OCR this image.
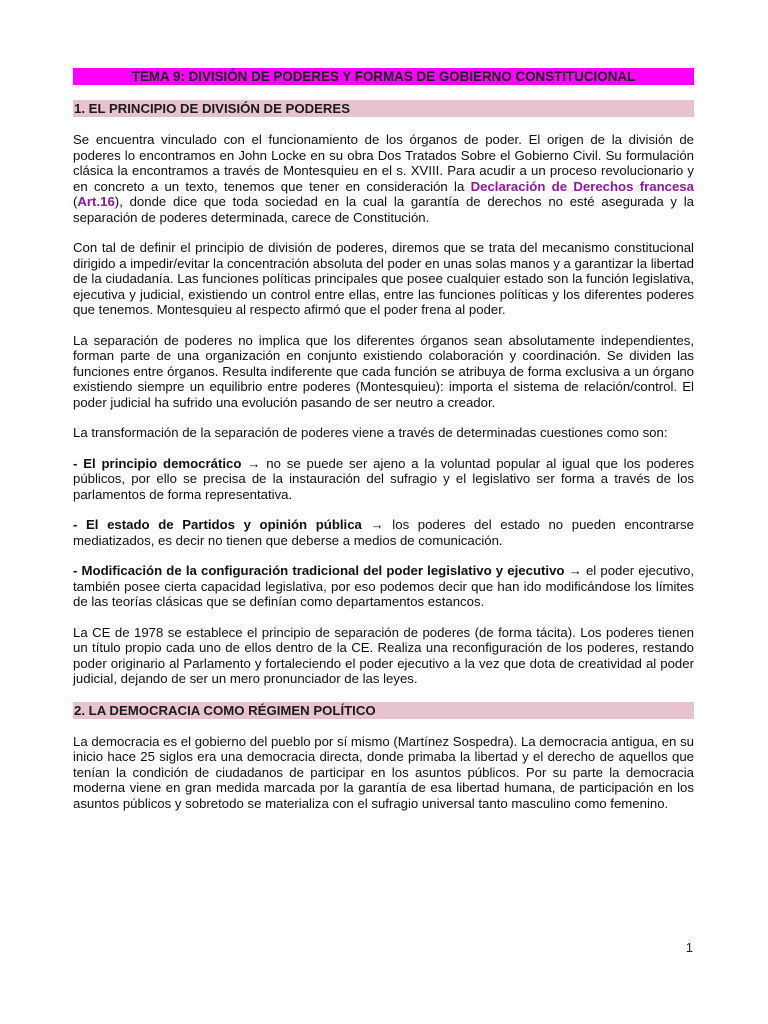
TEMA 9: DIVISIÓN DE PODERES Y FORMAS DE GOBIERNO CONSTITUCIONAL
1. EL PRINCIPIO DE DIVISIÓN DE PODERES

Se encuentra vinculado con el funcionamiento de los órganos de poder. El origen de la división de poderes lo encontramos en John Locke en su obra Dos Tratados Sobre el Gobierno Civil. Su formulación clásica la encontramos a través de Montesquieu en el s. XVIII. Para acudir a un proceso revolucionario y en concreto a un texto, tenemos que tener en consideración la Declaración de Derechos francesa (Art.16), donde dice que toda sociedad en la cual la garantía de derechos no esté asegurada y la separación de poderes determinada, carece de Constitución.

Con tal de definir el principio de división de poderes, diremos que se trata del mecanismo constitucional dirigido a impedir/evitar la concentración absoluta del poder en unas solas manos y a garantizar la libertad de la ciudadanía. Las funciones políticas principales que posee cualquier estado son la función legislativa, ejecutiva y judicial, existiendo un control entre ellas, entre las funciones políticas y los diferentes poderes que tenemos. Montesquieu al respecto afirmó que el poder frena al poder.

La separación de poderes no implica que los diferentes órganos sean absolutamente independientes, forman parte de una organización en conjunto existiendo colaboración y coordinación. Se dividen las funciones entre órganos. Resulta indiferente que cada función se atribuya de forma exclusiva a un órgano existiendo siempre un equilibrio entre poderes (Montesquieu): importa el sistema de relación/control. El poder judicial ha sufrido una evolución pasando de ser neutro a creador.

La transformación de la separación de poderes viene a través de determinadas cuestiones como son:

- El principio democrático → no se puede ser ajeno a la voluntad popular al igual que los poderes públicos, por ello se precisa de la instauración del sufragio y el legislativo ser forma a través de los parlamentos de forma representativa.

- El estado de Partidos y opinión pública → los poderes del estado no pueden encontrarse mediatizados, es decir no tienen que deberse a medios de comunicación.

- Modificación de la configuración tradicional del poder legislativo y ejecutivo → el poder ejecutivo, también posee cierta capacidad legislativa, por eso podemos decir que han ido modificándose los límites de las teorías clásicas que se definían como departamentos estancos.

La CE de 1978 se establece el principio de separación de poderes (de forma tácita). Los poderes tienen un título propio cada uno de ellos dentro de la CE. Realiza una reconfiguración de los poderes, restando poder originario al Parlamento y fortaleciendo el poder ejecutivo a la vez que dota de creatividad al poder judicial, dejando de ser un mero pronunciador de las leyes.

2. LA DEMOCRACIA COMO RÉGIMEN POLÍTICO

La democracia es el gobierno del pueblo por sí mismo (Martínez Sospedra). La democracia antigua, en su inicio hace 25 siglos era una democracia directa, donde primaba la libertad y el derecho de aquellos que tenían la condición de ciudadanos de participar en los asuntos públicos. Por su parte la democracia moderna viene en gran medida marcada por la garantía de esa libertad humana, de participación en los asuntos públicos y sobretodo se materializa con el sufragio universal tanto masculino como femenino.

1
